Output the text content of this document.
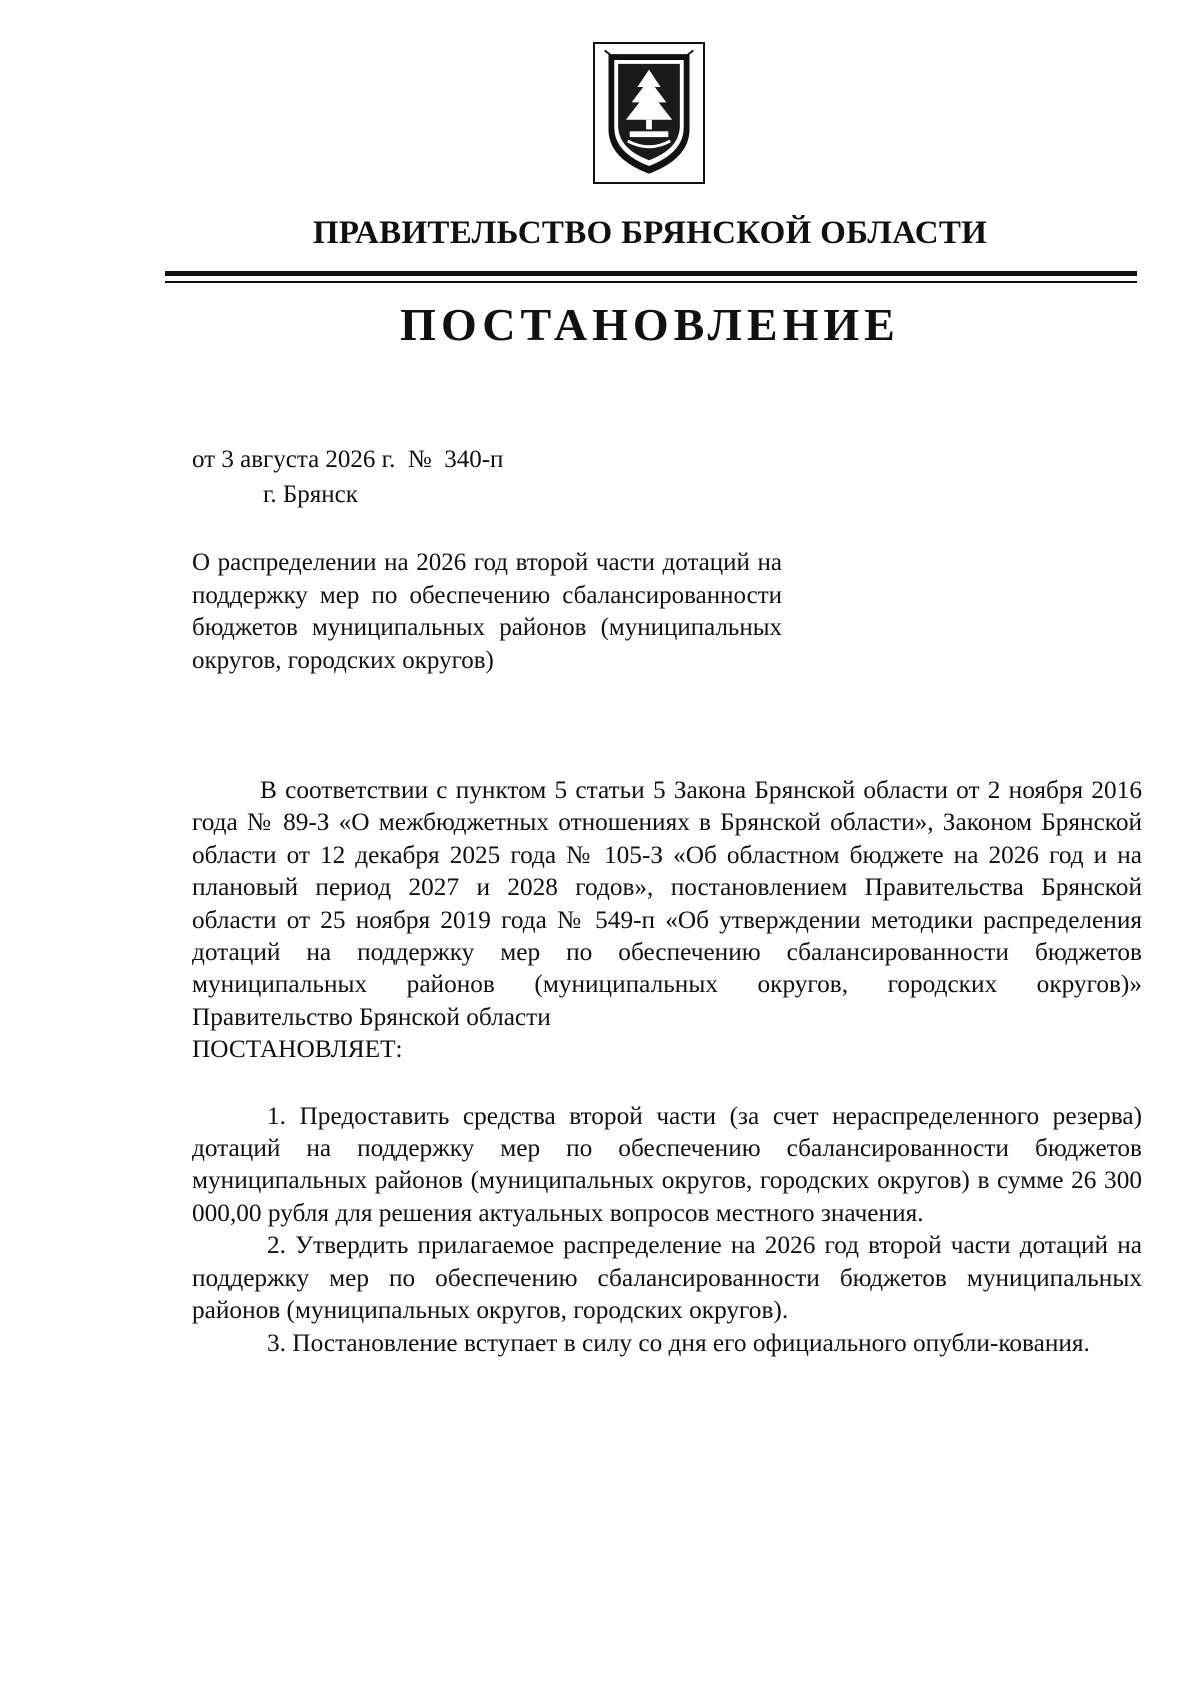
ПРАВИТЕЛЬСТВО БРЯНСКОЙ ОБЛАСТИ
ПОСТАНОВЛЕНИЕ
от 3 августа 2026 г.  №  340-п
г. Брянск
О распределении на 2026 год второй части дотаций на поддержку мер по обеспечению сбалансированности бюджетов муниципальных районов (муниципальных округов, городских округов)

В соответствии с пунктом 5 статьи 5 Закона Брянской области от 2 ноября 2016 года № 89-З «О межбюджетных отношениях в Брянской области», Законом Брянской области от 12 декабря 2025 года № 105-З «Об областном бюджете на 2026 год и на плановый период 2027 и 2028 годов», постановлением Правительства Брянской области от 25 ноября 2019 года № 549-п «Об утверждении методики распределения дотаций на поддержку мер по обеспечению сбалансированности бюджетов муниципальных районов (муниципальных округов, городских округов)» Правительство Брянской области

ПОСТАНОВЛЯЕТ:

1. Предоставить средства второй части (за счет нераспределенного резерва) дотаций на поддержку мер по обеспечению сбалансированности бюджетов муниципальных районов (муниципальных округов, городских округов) в сумме 26 300 000,00 рубля для решения актуальных вопросов местного значения.

2. Утвердить прилагаемое распределение на 2026 год второй части дотаций на поддержку мер по обеспечению сбалансированности бюджетов муниципальных районов (муниципальных округов, городских округов).

3. Постановление вступает в силу со дня его официального опубли-кования.
